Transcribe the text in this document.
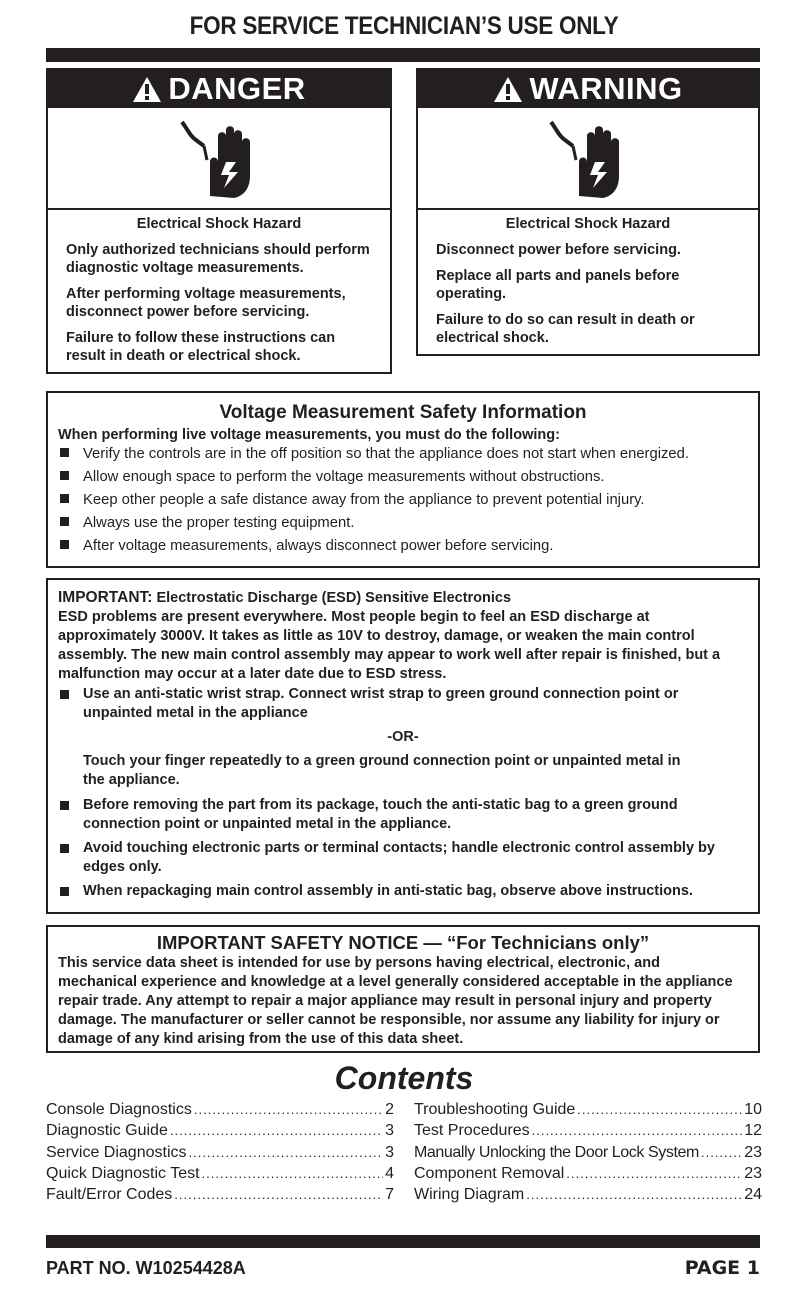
FOR SERVICE TECHNICIAN’S USE ONLY
DANGER
Electrical Shock Hazard

Only authorized technicians should perform diagnostic voltage measurements.

After performing voltage measurements, disconnect power before servicing.

Failure to follow these instructions can result in death or electrical shock.

WARNING
Electrical Shock Hazard

Disconnect power before servicing.

Replace all parts and panels before operating.

Failure to do so can result in death or electrical shock.

Voltage Measurement Safety Information
When performing live voltage measurements, you must do the following:
Verify the controls are in the off position so that the appliance does not start when energized.
Allow enough space to perform the voltage measurements without obstructions.
Keep other people a safe distance away from the appliance to prevent potential injury.
Always use the proper testing equipment.
After voltage measurements, always disconnect power before servicing.
IMPORTANT: Electrostatic Discharge (ESD) Sensitive Electronics
ESD problems are present everywhere. Most people begin to feel an ESD discharge at approximately 3000V. It takes as little as 10V to destroy, damage, or weaken the main control assembly. The new main control assembly may appear to work well after repair is finished, but a malfunction may occur at a later date due to ESD stress.
Use an anti-static wrist strap. Connect wrist strap to green ground connection point or unpainted metal in the appliance
-OR-
Touch your finger repeatedly to a green ground connection point or unpainted metal in the appliance.
Before removing the part from its package, touch the anti-static bag to a green ground connection point or unpainted metal in the appliance.
Avoid touching electronic parts or terminal contacts; handle electronic control assembly by edges only.
When repackaging main control assembly in anti-static bag, observe above instructions.
IMPORTANT SAFETY NOTICE — “For Technicians only”
This service data sheet is intended for use by persons having electrical, electronic, and mechanical experience and knowledge at a level generally considered acceptable in the appliance repair trade. Any attempt to repair a major appliance may result in personal injury and property damage. The manufacturer or seller cannot be responsible, nor assume any liability for injury or damage of any kind arising from the use of this data sheet.
Contents
Console Diagnostics .....	2
Diagnostic Guide .....	3
Service Diagnostics .....	3
Quick Diagnostic Test .....	4
Fault/Error Codes .....	7
Troubleshooting Guide .....	10
Test Procedures .....	12
Manually Unlocking the Door Lock System .....	23
Component Removal .....	23
Wiring Diagram .....	24
PART NO. W10254428A	PAGE 1
